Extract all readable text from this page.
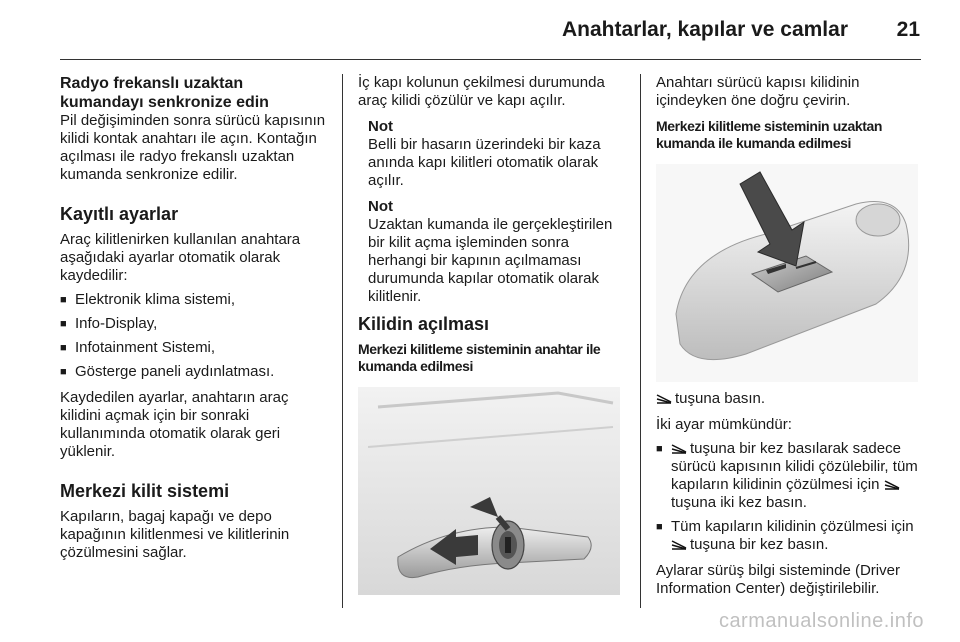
Anahtarlar, kapılar ve camlar 21
Radyo frekanslı uzaktan kumandayı senkronize edin

Pil değişiminden sonra sürücü kapısının kilidi kontak anahtarı ile açın. Kontağın açılması ile radyo frekanslı uzaktan kumanda senkronize edilir.

Kayıtlı ayarlar

Araç kilitlenirken kullanılan anahtara aşağıdaki ayarlar otomatik olarak kaydedilir:

■ Elektronik klima sistemi,
■ Info-Display,
■ Infotainment Sistemi,
■ Gösterge paneli aydınlatması.

Kaydedilen ayarlar, anahtarın araç kilidini açmak için bir sonraki kullanımında otomatik olarak geri yüklenir.

Merkezi kilit sistemi

Kapıların, bagaj kapağı ve depo kapağının kilitlenmesi ve kilitlerinin çözülmesini sağlar.

İç kapı kolunun çekilmesi durumunda araç kilidi çözülür ve kapı açılır.

Not

Belli bir hasarın üzerindeki bir kaza anında kapı kilitleri otomatik olarak açılır.

Not

Uzaktan kumanda ile gerçekleştirilen bir kilit açma işleminden sonra herhangi bir kapının açılmaması durumunda kapılar otomatik olarak kilitlenir.

Kilidin açılması
Merkezi kilitleme sisteminin anahtar ile kumanda edilmesi

Anahtarı sürücü kapısı kilidinin içindeyken öne doğru çevirin.

Merkezi kilitleme sisteminin uzaktan kumanda ile kumanda edilmesi

tuşuna basın.

İki ayar mümkündür:

■ tuşuna bir kez basılarak sadece sürücü kapısının kilidi çözülebilir, tüm kapıların kilidinin çözülmesi için tuşuna iki kez basın.
■ Tüm kapıların kilidinin çözülmesi için tuşuna bir kez basın.

Aylarar sürüş bilgi sisteminde (Driver Information Center) değiştirilebilir.

carmanualsonline.info
